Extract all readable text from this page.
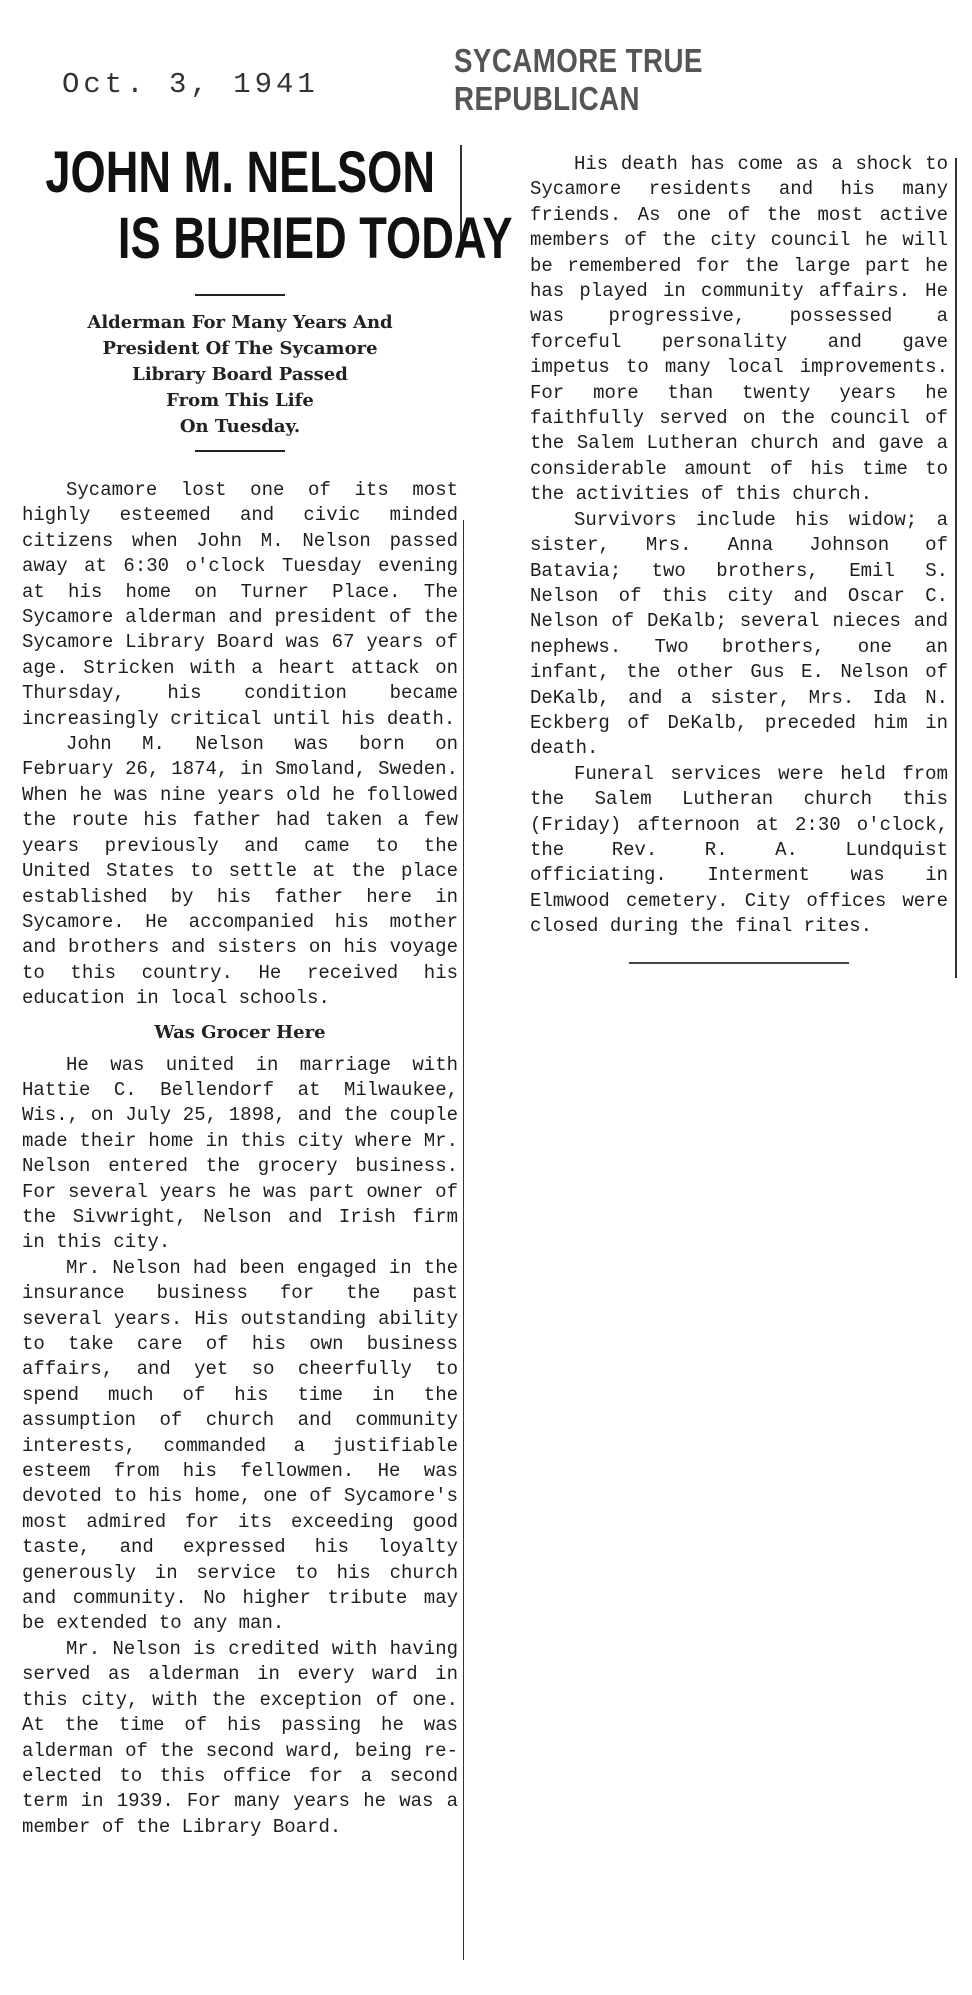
Oct. 3, 1941
SYCAMORE TRUE REPUBLICAN
JOHN M. NELSON
IS BURIED TODAY
Alderman For Many Years And
President Of The Sycamore
Library Board Passed
From This Life
On Tuesday.

Sycamore lost one of its most highly esteemed and civic minded citizens when John M. Nelson passed away at 6:30 o'clock Tuesday evening at his home on Turner Place. The Sycamore alderman and president of the Sycamore Library Board was 67 years of age. Stricken with a heart attack on Thursday, his condition became increasingly critical until his death.

John M. Nelson was born on February 26, 1874, in Smoland, Sweden. When he was nine years old he followed the route his father had taken a few years previously and came to the United States to settle at the place established by his father here in Sycamore. He accompanied his mother and brothers and sisters on his voyage to this country. He received his education in local schools.

Was Grocer Here

He was united in marriage with Hattie C. Bellendorf at Milwaukee, Wis., on July 25, 1898, and the couple made their home in this city where Mr. Nelson entered the grocery business. For several years he was part owner of the Sivwright, Nelson and Irish firm in this city.

Mr. Nelson had been engaged in the insurance business for the past several years. His outstanding ability to take care of his own business affairs, and yet so cheerfully to spend much of his time in the assumption of church and community interests, commanded a justifiable esteem from his fellowmen. He was devoted to his home, one of Sycamore's most admired for its exceeding good taste, and expressed his loyalty generously in service to his church and community. No higher tribute may be extended to any man.

Mr. Nelson is credited with having served as alderman in every ward in this city, with the exception of one. At the time of his passing he was alderman of the second ward, being re-elected to this office for a second term in 1939. For many years he was a member of the Library Board.

His death has come as a shock to Sycamore residents and his many friends. As one of the most active members of the city council he will be remembered for the large part he has played in community affairs. He was progressive, possessed a forceful personality and gave impetus to many local improvements. For more than twenty years he faithfully served on the council of the Salem Lutheran church and gave a considerable amount of his time to the activities of this church.

Survivors include his widow; a sister, Mrs. Anna Johnson of Batavia; two brothers, Emil S. Nelson of this city and Oscar C. Nelson of DeKalb; several nieces and nephews. Two brothers, one an infant, the other Gus E. Nelson of DeKalb, and a sister, Mrs. Ida N. Eckberg of DeKalb, preceded him in death.

Funeral services were held from the Salem Lutheran church this (Friday) afternoon at 2:30 o'clock, the Rev. R. A. Lundquist officiating. Interment was in Elmwood cemetery. City offices were closed during the final rites.
